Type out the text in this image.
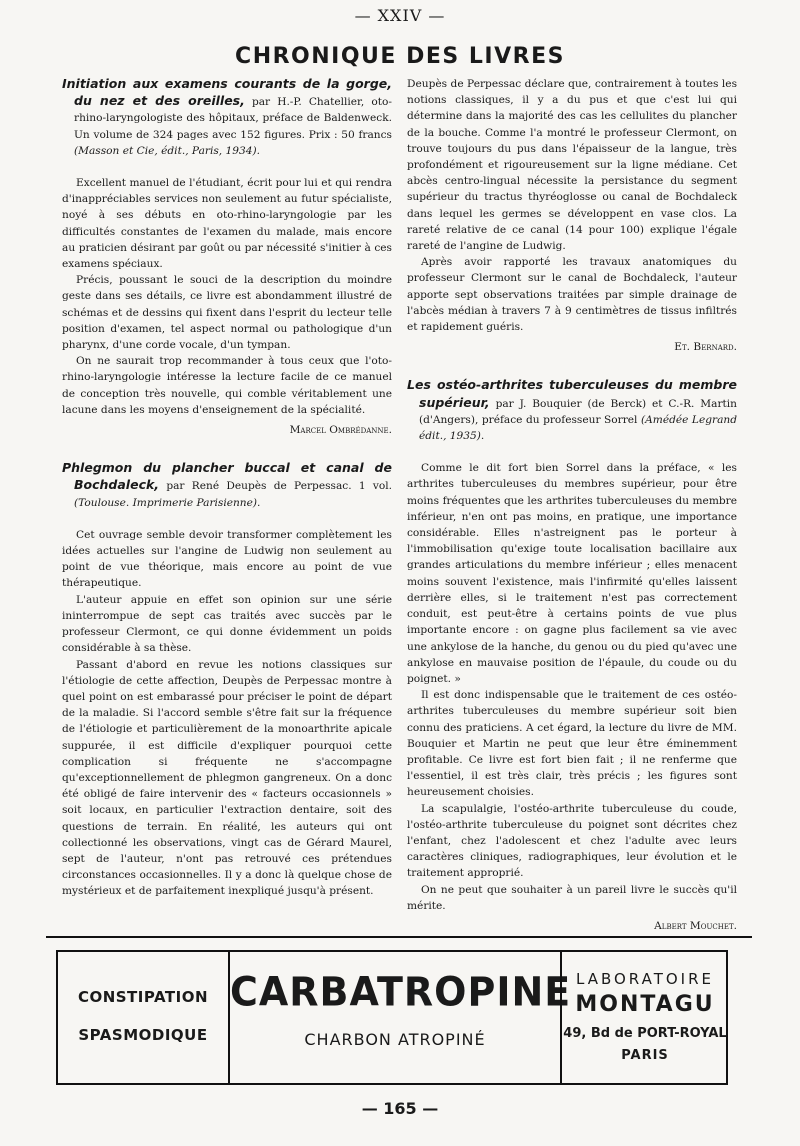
— XXIV —
CHRONIQUE DES LIVRES

Initiation aux examens courants de la gorge, du nez et des oreilles, par H.-P. Chatellier, oto-rhino-laryngologiste des hôpitaux, préface de Baldenweck. Un volume de 324 pages avec 152 figures. Prix : 50 francs (Masson et Cie, édit., Paris, 1934).

Excellent manuel de l'étudiant, écrit pour lui et qui rendra d'inappréciables services non seulement au futur spécialiste, noyé à ses débuts en oto-rhino-laryngologie par les difficultés constantes de l'examen du malade, mais encore au praticien désirant par goût ou par nécessité s'initier à ces examens spéciaux.

Précis, poussant le souci de la description du moindre geste dans ses détails, ce livre est abondamment illustré de schémas et de dessins qui fixent dans l'esprit du lecteur telle position d'examen, tel aspect normal ou pathologique d'un pharynx, d'une corde vocale, d'un tympan.

On ne saurait trop recommander à tous ceux que l'oto-rhino-laryngologie intéresse la lecture facile de ce manuel de conception très nouvelle, qui comble véritablement une lacune dans les moyens d'enseignement de la spécialité.

Marcel Ombrédanne.

Phlegmon du plancher buccal et canal de Bochdaleck, par René Deupès de Perpessac. 1 vol. (Toulouse. Imprimerie Parisienne).

Cet ouvrage semble devoir transformer complètement les idées actuelles sur l'angine de Ludwig non seulement au point de vue théorique, mais encore au point de vue thérapeutique.

L'auteur appuie en effet son opinion sur une série ininterrompue de sept cas traités avec succès par le professeur Clermont, ce qui donne évidemment un poids considérable à sa thèse.

Passant d'abord en revue les notions classiques sur l'étiologie de cette affection, Deupès de Perpessac montre à quel point on est embarassé pour préciser le point de départ de la maladie. Si l'accord semble s'être fait sur la fréquence de l'étiologie et particulièrement de la monoarthrite apicale suppurée, il est difficile d'expliquer pourquoi cette complication si fréquente ne s'accompagne qu'exceptionnellement de phlegmon gangreneux. On a donc été obligé de faire intervenir des « facteurs occasionnels » soit locaux, en particulier l'extraction dentaire, soit des questions de terrain. En réalité, les auteurs qui ont collectionné les observations, vingt cas de Gérard Maurel, sept de l'auteur, n'ont pas retrouvé ces prétendues circonstances occasionnelles. Il y a donc là quelque chose de mystérieux et de parfaitement inexpliqué jusqu'à présent.

Deupès de Perpessac déclare que, contrairement à toutes les notions classiques, il y a du pus et que c'est lui qui détermine dans la majorité des cas les cellulites du plancher de la bouche. Comme l'a montré le professeur Clermont, on trouve toujours du pus dans l'épaisseur de la langue, très profondément et rigoureusement sur la ligne médiane. Cet abcès centro-lingual nécessite la persistance du segment supérieur du tractus thyréoglosse ou canal de Bochdaleck dans lequel les germes se développent en vase clos. La rareté relative de ce canal (14 pour 100) explique l'égale rareté de l'angine de Ludwig.

Après avoir rapporté les travaux anatomiques du professeur Clermont sur le canal de Bochdaleck, l'auteur apporte sept observations traitées par simple drainage de l'abcès médian à travers 7 à 9 centimètres de tissus infiltrés et rapidement guéris.

Et. Bernard.

Les ostéo-arthrites tuberculeuses du membre supérieur, par J. Bouquier (de Berck) et C.-R. Martin (d'Angers), préface du professeur Sorrel (Amédée Legrand édit., 1935).

Comme le dit fort bien Sorrel dans la préface, « les arthrites tuberculeuses du membres supérieur, pour être moins fréquentes que les arthrites tuberculeuses du membre inférieur, n'en ont pas moins, en pratique, une importance considérable. Elles n'astreignent pas le porteur à l'immobilisation qu'exige toute localisation bacillaire aux grandes articulations du membre inférieur ; elles menacent moins souvent l'existence, mais l'infirmité qu'elles laissent derrière elles, si le traitement n'est pas correctement conduit, est peut-être à certains points de vue plus importante encore : on gagne plus facilement sa vie avec une ankylose de la hanche, du genou ou du pied qu'avec une ankylose en mauvaise position de l'épaule, du coude ou du poignet. »

Il est donc indispensable que le traitement de ces ostéo-arthrites tuberculeuses du membre supérieur soit bien connu des praticiens. A cet égard, la lecture du livre de MM. Bouquier et Martin ne peut que leur être éminemment profitable. Ce livre est fort bien fait ; il ne renferme que l'essentiel, il est très clair, très précis ; les figures sont heureusement choisies.

La scapulalgie, l'ostéo-arthrite tuberculeuse du coude, l'ostéo-arthrite tuberculeuse du poignet sont décrites chez l'enfant, chez l'adolescent et chez l'adulte avec leurs caractères cliniques, radiographiques, leur évolution et le traitement approprié.

On ne peut que souhaiter à un pareil livre le succès qu'il mérite.

Albert Mouchet.
CONSTIPATION
SPASMODIQUE
CARBATROPINE
CHARBON ATROPINÉ
LABORATOIRE
MONTAGU
49, Bd de PORT-ROYAL
PARIS
— 165 —
